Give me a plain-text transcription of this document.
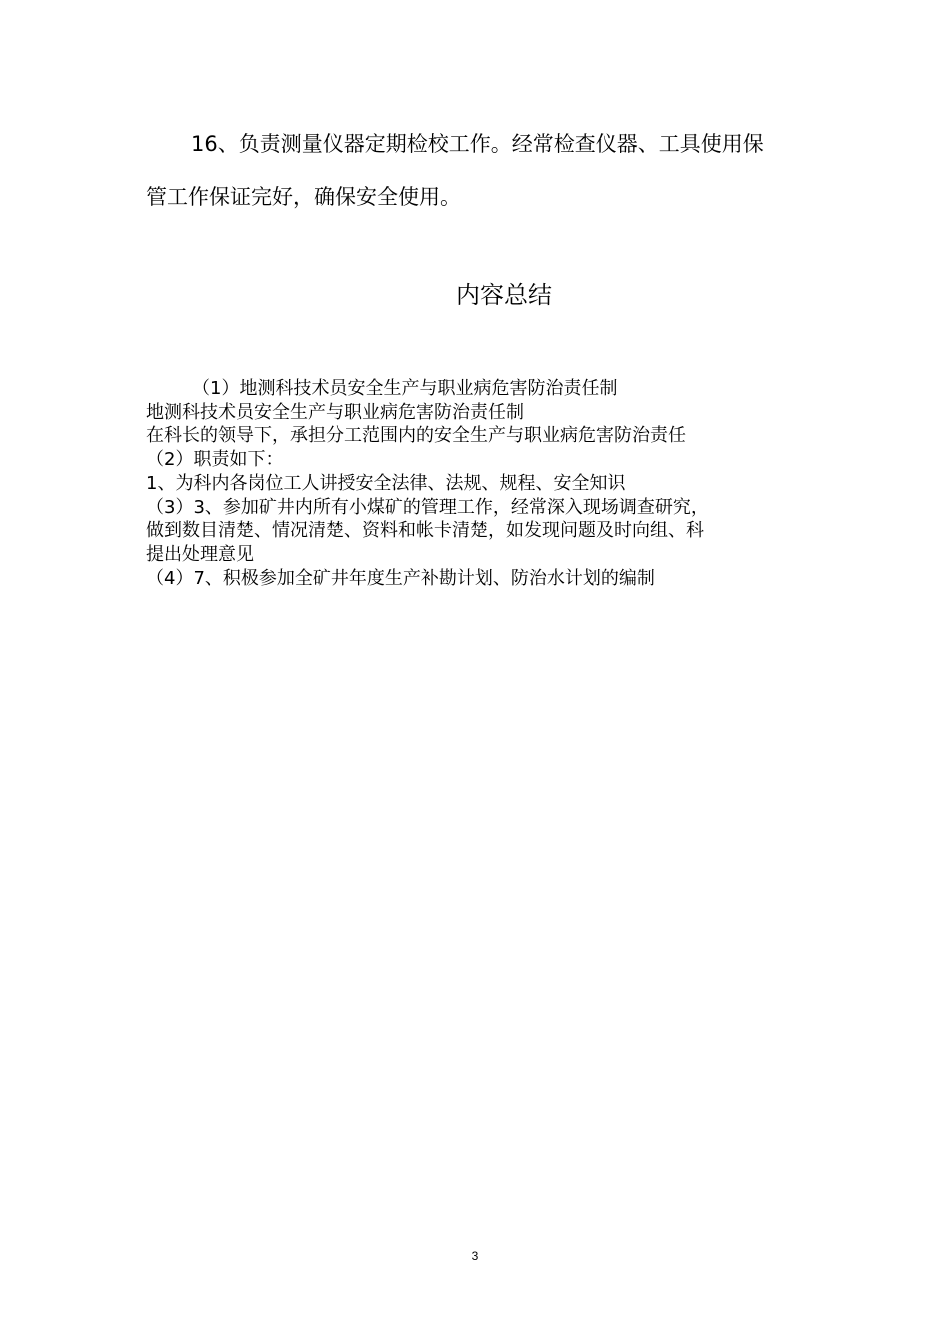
16、负责测量仪器定期检校工作。经常检查仪器、工具使用保
管工作保证完好，确保安全使用。
内容总结
（1）地测科技术员安全生产与职业病危害防治责任制
地测科技术员安全生产与职业病危害防治责任制
在科长的领导下，承担分工范围内的安全生产与职业病危害防治责任
（2）职责如下：
1、为科内各岗位工人讲授安全法律、法规、规程、安全知识
（3）3、参加矿井内所有小煤矿的管理工作，经常深入现场调查研究，
做到数目清楚、情况清楚、资料和帐卡清楚，如发现问题及时向组、科
提出处理意见
（4）7、积极参加全矿井年度生产补勘计划、防治水计划的编制
3
